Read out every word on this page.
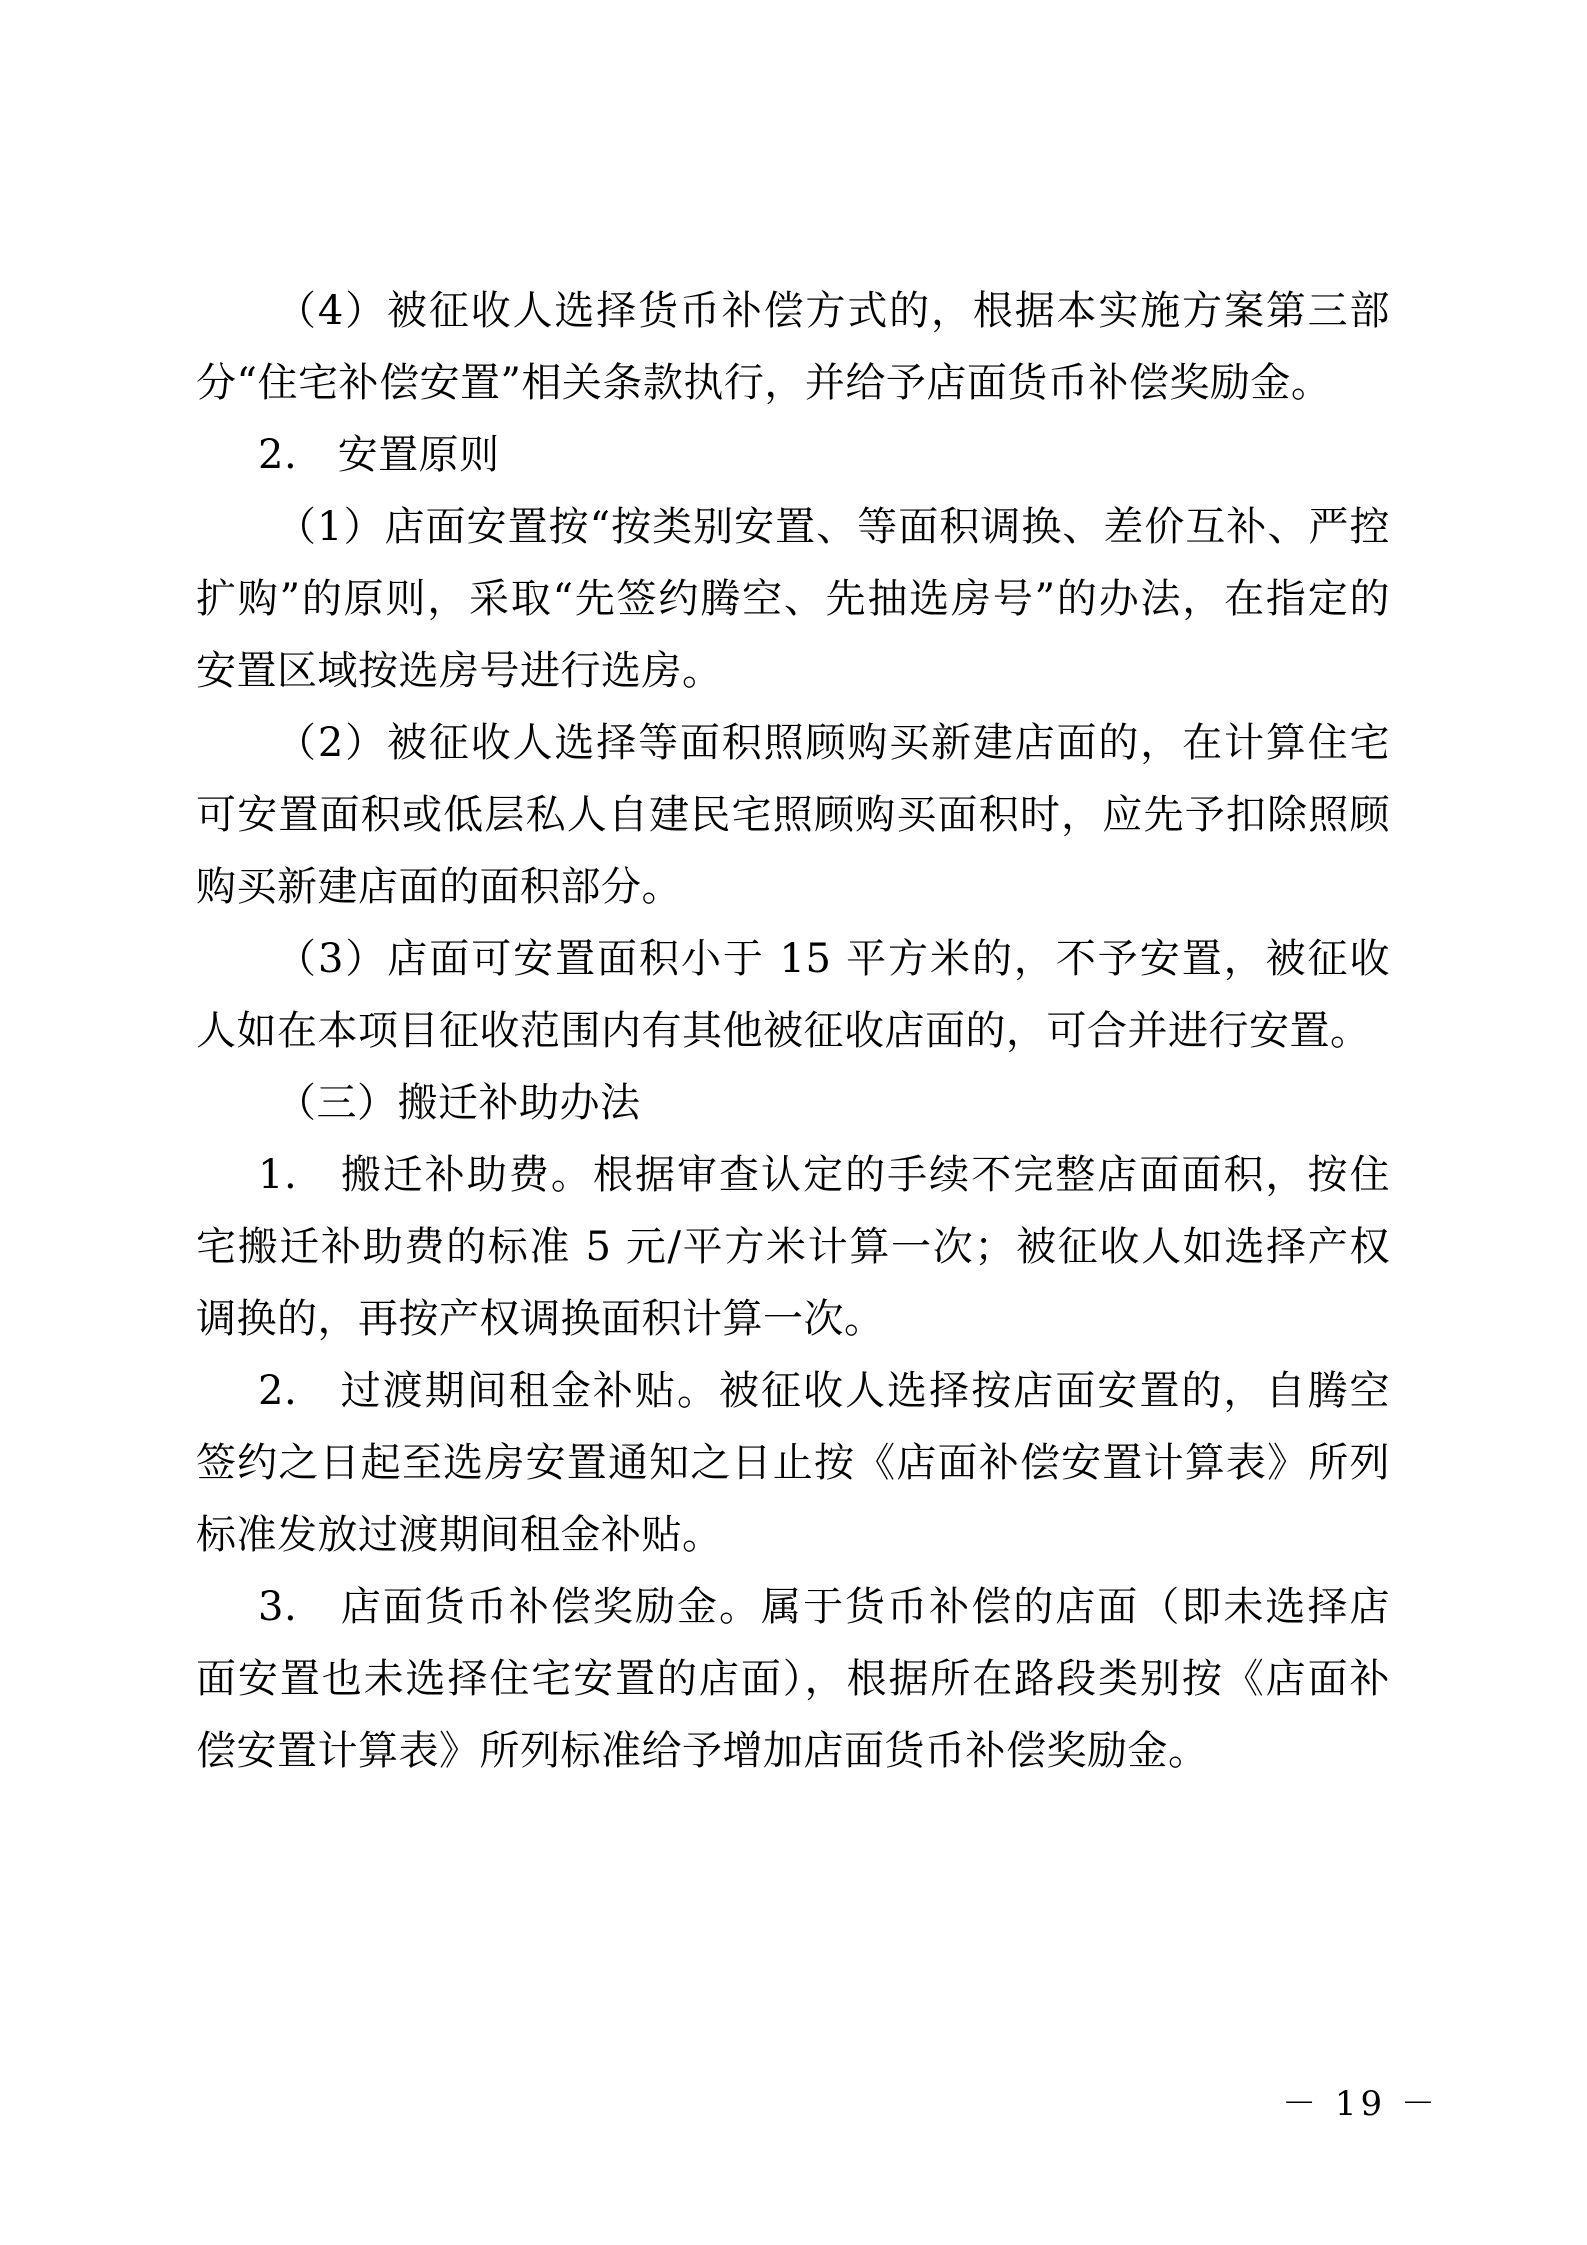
（4）被征收人选择货币补偿方式的，根据本实施方案第三部分“住宅补偿安置”相关条款执行，并给予店面货币补偿奖励金。

2.　安置原则

（1）店面安置按“按类别安置、等面积调换、差价互补、严控扩购”的原则，采取“先签约腾空、先抽选房号”的办法，在指定的安置区域按选房号进行选房。

（2）被征收人选择等面积照顾购买新建店面的，在计算住宅可安置面积或低层私人自建民宅照顾购买面积时，应先予扣除照顾购买新建店面的面积部分。

（3）店面可安置面积小于 15 平方米的，不予安置，被征收人如在本项目征收范围内有其他被征收店面的，可合并进行安置。

（三）搬迁补助办法

1.　搬迁补助费。根据审查认定的手续不完整店面面积，按住宅搬迁补助费的标准 5 元/平方米计算一次；被征收人如选择产权调换的，再按产权调换面积计算一次。

2.　过渡期间租金补贴。被征收人选择按店面安置的，自腾空签约之日起至选房安置通知之日止按《店面补偿安置计算表》所列标准发放过渡期间租金补贴。

3.　店面货币补偿奖励金。属于货币补偿的店面（即未选择店面安置也未选择住宅安置的店面），根据所在路段类别按《店面补偿安置计算表》所列标准给予增加店面货币补偿奖励金。

－ 19 －
